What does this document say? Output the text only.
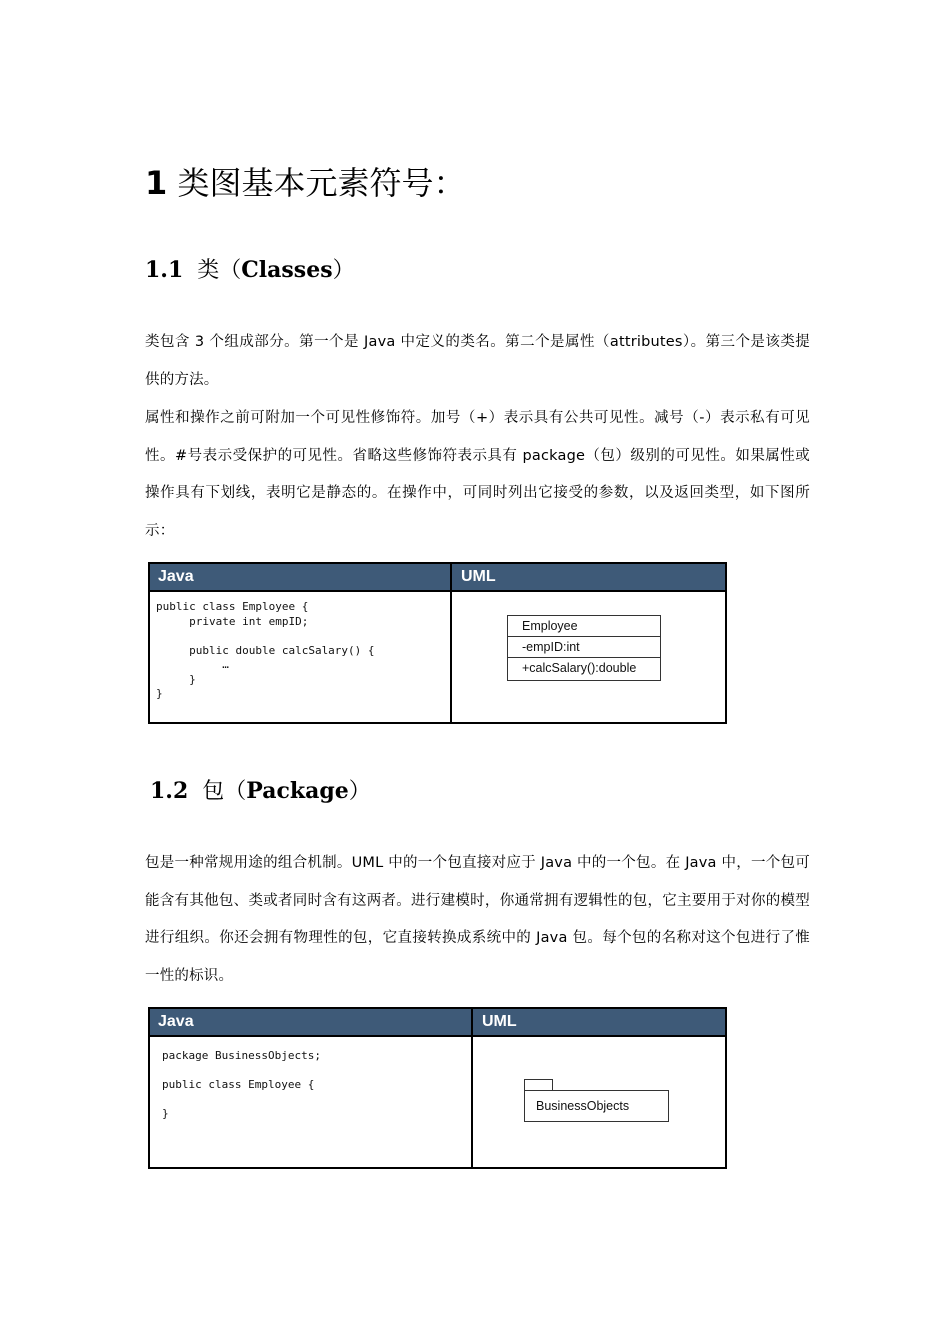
1 类图基本元素符号：
1.1 类（Classes）

类包含 3 个组成部分。第一个是 Java 中定义的类名。第二个是属性（attributes）。第三个是该类提供的方法。

属性和操作之前可附加一个可见性修饰符。加号（+）表示具有公共可见性。减号（-）表示私有可见性。#号表示受保护的可见性。省略这些修饰符表示具有 package（包）级别的可见性。如果属性或操作具有下划线，表明它是静态的。在操作中，可同时列出它接受的参数，以及返回类型，如下图所示：

Java	UML
public class Employee {
private int empID;

public double calcSalary() {
…
}
}
Employee
-empID:int
+calcSalary():double
1.2 包（Package）

包是一种常规用途的组合机制。UML 中的一个包直接对应于 Java 中的一个包。在 Java 中，一个包可能含有其他包、类或者同时含有这两者。进行建模时，你通常拥有逻辑性的包，它主要用于对你的模型进行组织。你还会拥有物理性的包，它直接转换成系统中的 Java 包。每个包的名称对这个包进行了惟一性的标识。

Java	UML
package BusinessObjects;
public class Employee {
}
BusinessObjects
